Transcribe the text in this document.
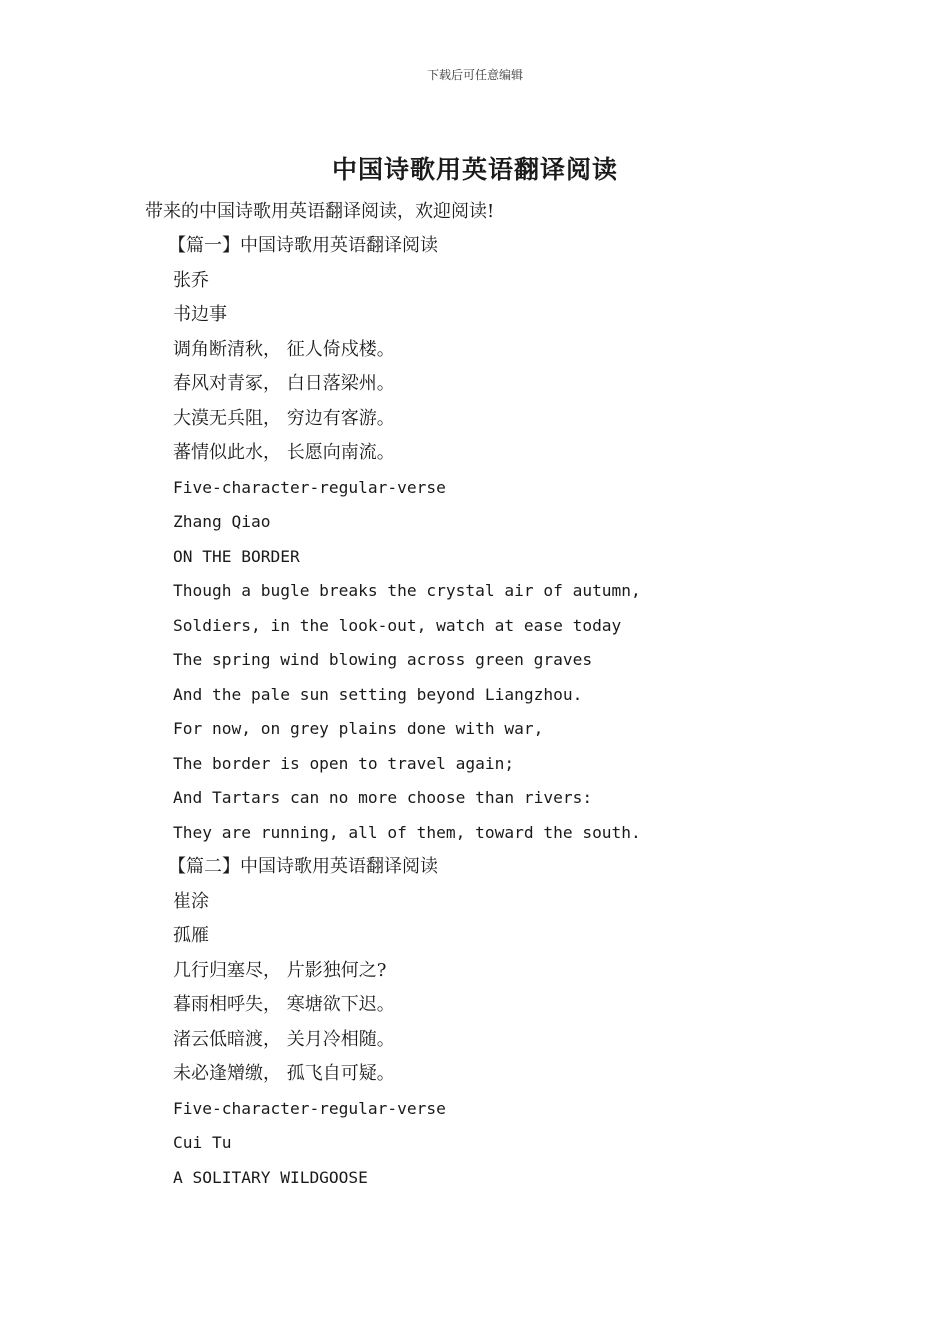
下载后可任意编辑
中国诗歌用英语翻译阅读
带来的中国诗歌用英语翻译阅读，欢迎阅读!
【篇一】中国诗歌用英语翻译阅读
张乔
书边事
调角断清秋， 征人倚戍楼。
春风对青冢， 白日落梁州。
大漠无兵阻， 穷边有客游。
蕃情似此水， 长愿向南流。
Five-character-regular-verse
Zhang Qiao
ON THE BORDER
Though a bugle breaks the crystal air of autumn,
Soldiers, in the look-out, watch at ease today
The spring wind blowing across green graves
And the pale sun setting beyond Liangzhou.
For now, on grey plains done with war,
The border is open to travel again;
And Tartars can no more choose than rivers:
They are running, all of them, toward the south.
【篇二】中国诗歌用英语翻译阅读
崔涂
孤雁
几行归塞尽， 片影独何之?
暮雨相呼失， 寒塘欲下迟。
渚云低暗渡， 关月冷相随。
未必逢矰缴， 孤飞自可疑。
Five-character-regular-verse
Cui Tu
A SOLITARY WILDGOOSE
